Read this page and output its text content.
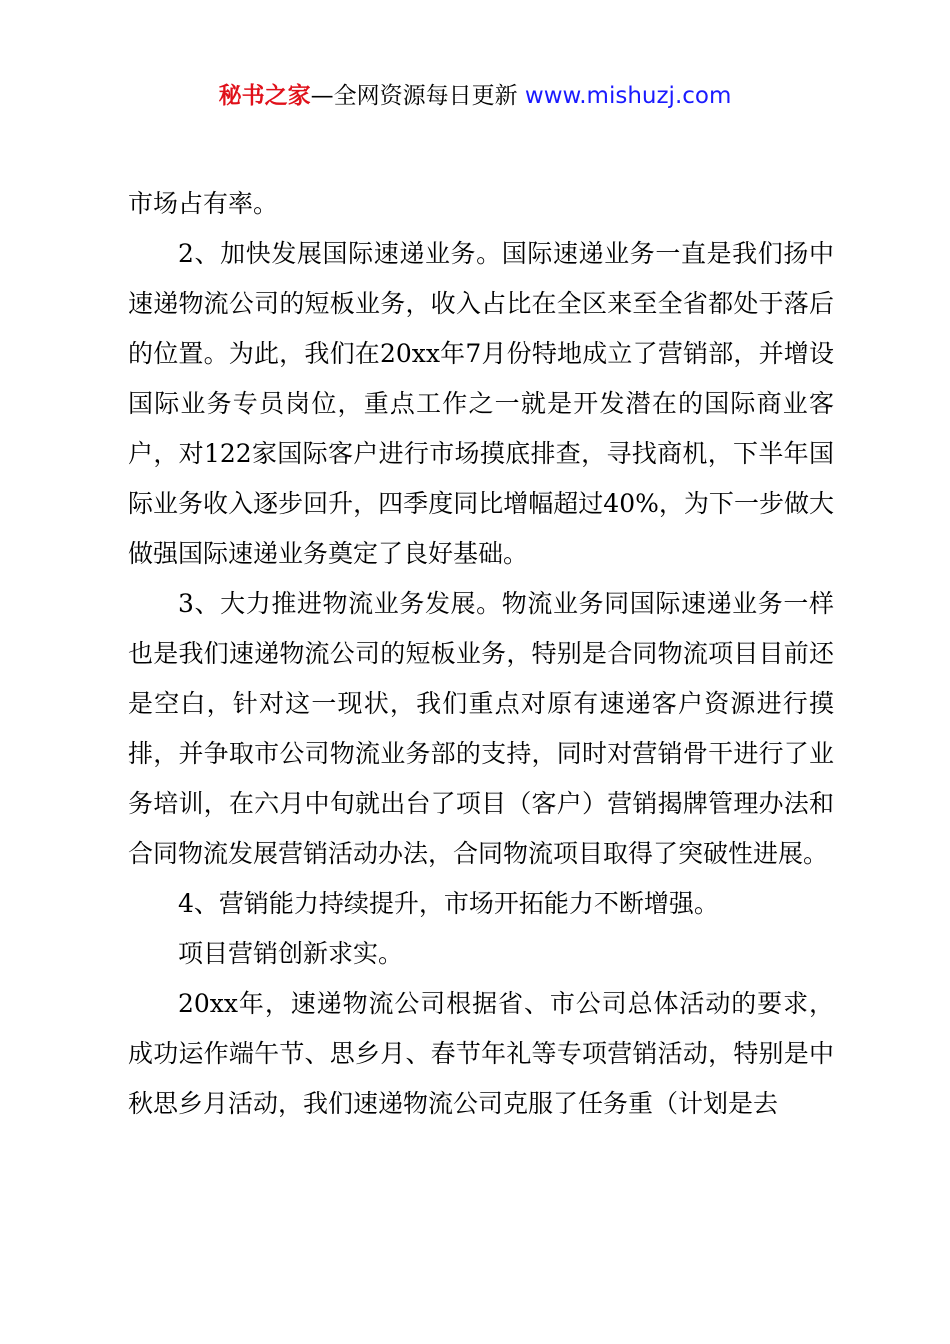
秘书之家—全网资源每日更新 www.mishuzj.com

市场占有率。

2、加快发展国际速递业务。国际速递业务一直是我们扬中速递物流公司的短板业务，收入占比在全区来至全省都处于落后的位置。为此，我们在20xx年7月份特地成立了营销部，并增设国际业务专员岗位，重点工作之一就是开发潜在的国际商业客户，对122家国际客户进行市场摸底排查，寻找商机，下半年国际业务收入逐步回升，四季度同比增幅超过40%，为下一步做大做强国际速递业务奠定了良好基础。

3、大力推进物流业务发展。物流业务同国际速递业务一样也是我们速递物流公司的短板业务，特别是合同物流项目目前还是空白，针对这一现状，我们重点对原有速递客户资源进行摸排，并争取市公司物流业务部的支持，同时对营销骨干进行了业务培训，在六月中旬就出台了项目（客户）营销揭牌管理办法和合同物流发展营销活动办法，合同物流项目取得了突破性进展。

4、营销能力持续提升，市场开拓能力不断增强。

项目营销创新求实。

20xx年，速递物流公司根据省、市公司总体活动的要求，成功运作端午节、思乡月、春节年礼等专项营销活动，特别是中秋思乡月活动，我们速递物流公司克服了任务重（计划是去
